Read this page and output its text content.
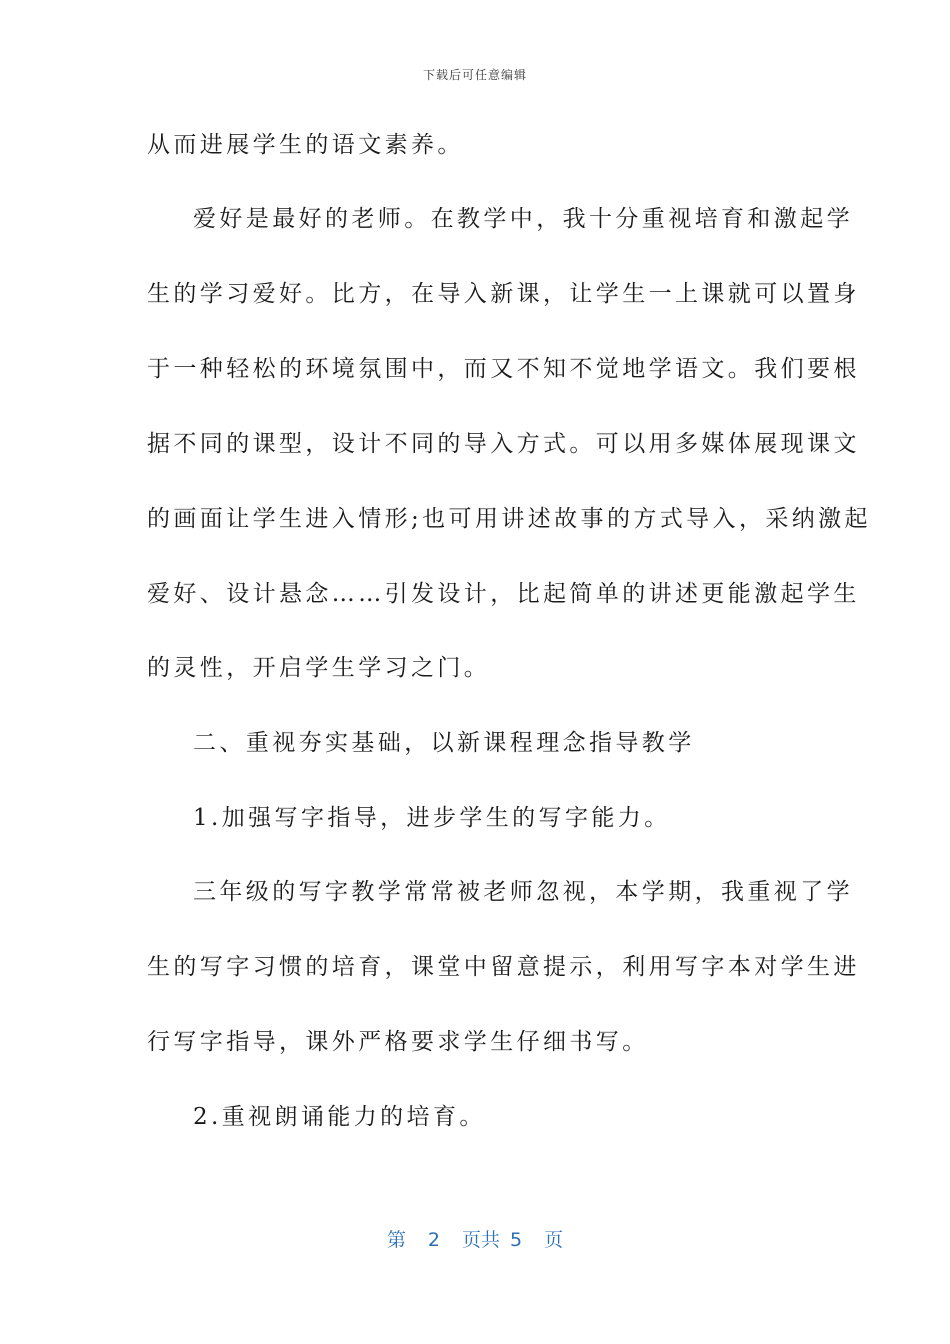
下载后可任意编辑
从而进展学生的语文素养。
爱好是最好的老师。在教学中，我十分重视培育和激起学
生的学习爱好。比方，在导入新课，让学生一上课就可以置身
于一种轻松的环境氛围中，而又不知不觉地学语文。我们要根
据不同的课型，设计不同的导入方式。可以用多媒体展现课文
的画面让学生进入情形;也可用讲述故事的方式导入，采纳激起
爱好、设计悬念……引发设计，比起简单的讲述更能激起学生
的灵性，开启学生学习之门。
二、重视夯实基础，以新课程理念指导教学
1.加强写字指导，进步学生的写字能力。
三年级的写字教学常常被老师忽视，本学期，我重视了学
生的写字习惯的培育，课堂中留意提示，利用写字本对学生进
行写字指导，课外严格要求学生仔细书写。
2.重视朗诵能力的培育。
第 2 页共 5 页
